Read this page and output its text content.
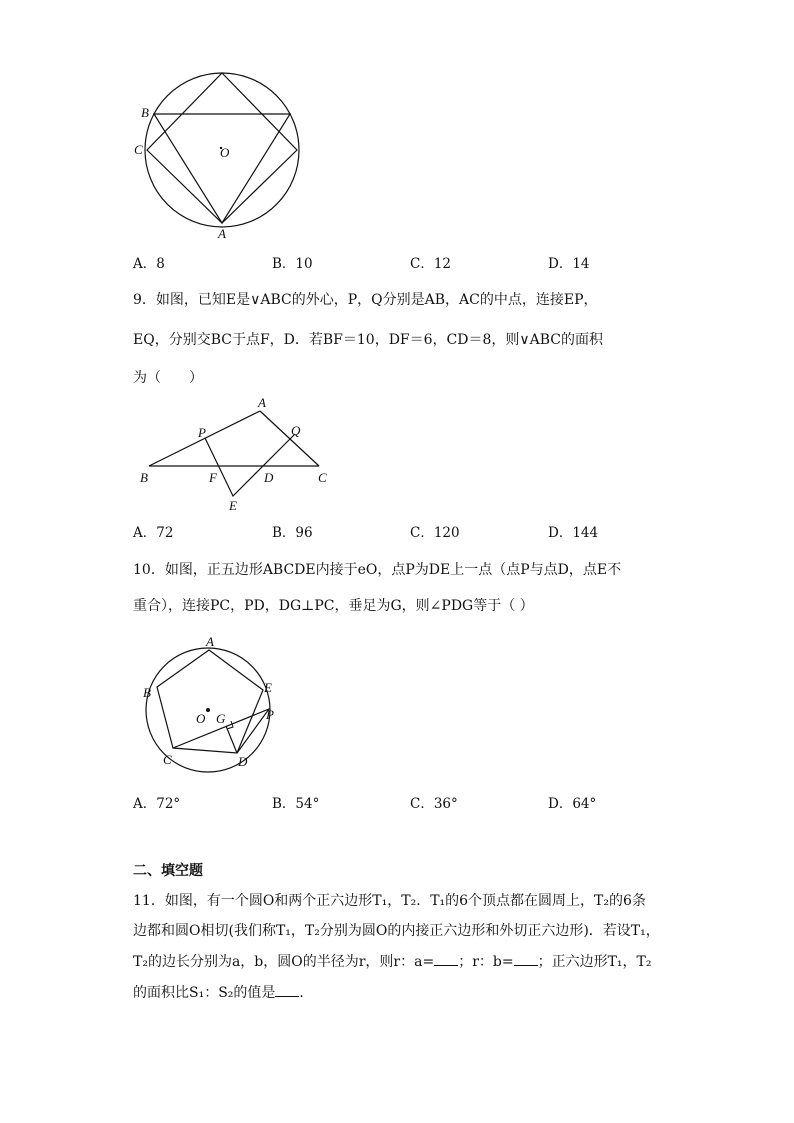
B
C	O
A
A．8	B．10	C．12	D．14
9．如图，已知E是∨ABC的外心，P，Q分别是AB，AC的中点，连接EP，
EQ，分别交BC于点F，D．若BF＝10，DF＝6，CD＝8，则∨ABC的面积
为（　　）
A
P	Q
B	F	D	C
E
A．72	B．96	C．120	D．144
10．如图，正五边形ABCDE内接于eO，点P为DE上一点（点P与点D，点E不
重合），连接PC，PD，DG⊥PC，垂足为G，则∠PDG等于（ ）
A
B	E
P
O G
C	D
A．72°	B．54°	C．36°	D．64°
二、填空题
11．如图，有一个圆O和两个正六边形T₁，T₂．T₁的6个顶点都在圆周上，T₂的6条
边都和圆O相切(我们称T₁，T₂分别为圆O的内接正六边形和外切正六边形)．若设T₁，
T₂的边长分别为a，b，圆O的半径为r，则r：a= ；r：b= ；正六边形T₁，T₂
的面积比S₁：S₂的值是 ．
